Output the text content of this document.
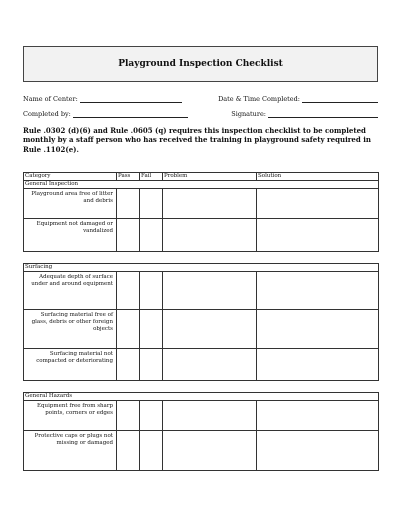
Playground Inspection Checklist
Name of Center:	Date & Time Completed:
Completed by:	Signature:
Rule .0302 (d)(6) and Rule .0605 (q) requires this inspection checklist to be completed monthly by a staff person who has received the training in playground safety required in Rule .1102(e).
Category	Pass	Fail	Problem	Solution
General Inspection				
Playground area free of litter and debris				
Equipment not damaged or vandalized				
Surfacing				
Adequate depth of surface under and around equipment				
Surfacing material free of glass, debris or other foreign objects				
Surfacing material not compacted or deteriorating				
General Hazards				
Equipment free from sharp points, corners or edges				
Protective caps or plugs not missing or damaged				
